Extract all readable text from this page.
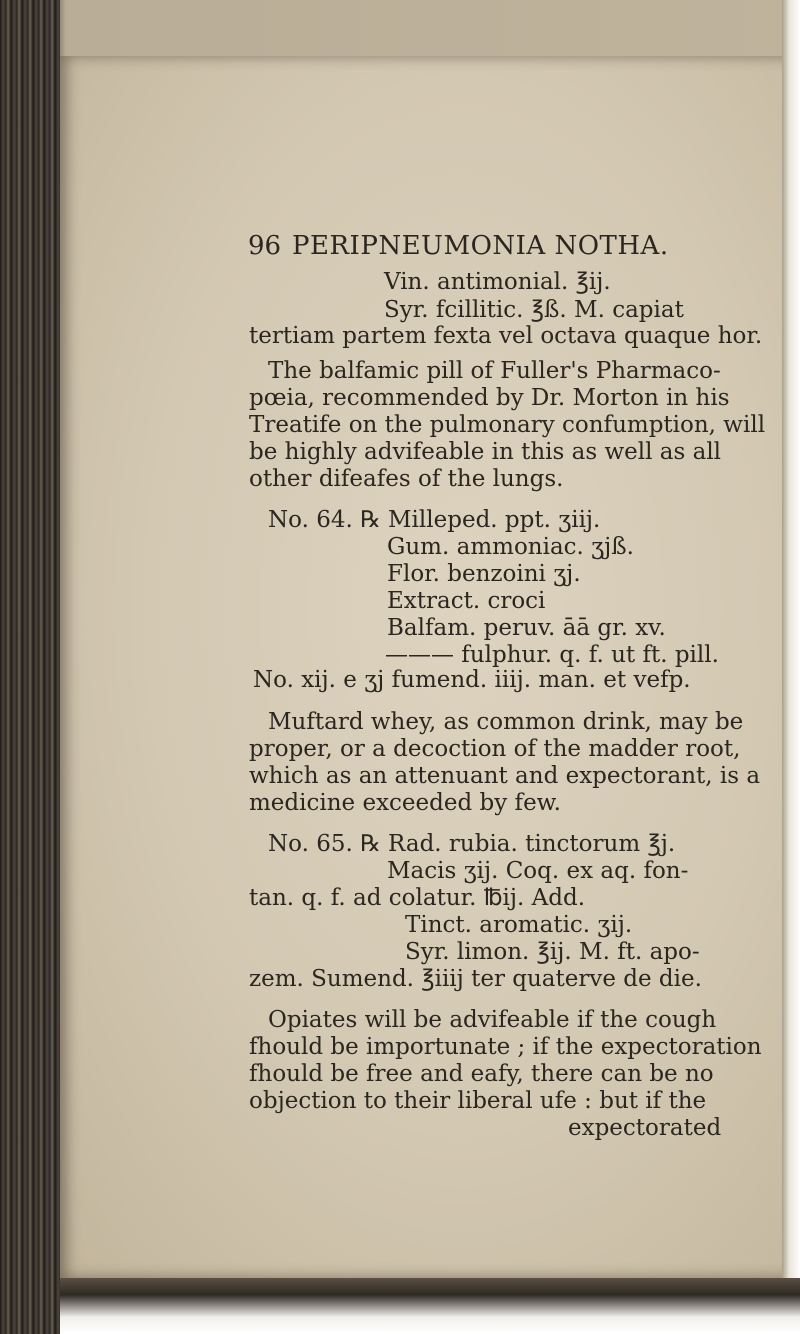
96 PERIPNEUMONIA NOTHA.
Vin. antimonial. ℥ij.
Syr. fcillitic. ℥ß. M. capiat
tertiam partem fexta vel octava quaque hor.
The balfamic pill of Fuller's Pharmaco-
pœia, recommended by Dr. Morton in his
Treatife on the pulmonary confumption, will
be highly advifeable in this as well as all
other difeafes of the lungs.
No. 64. ℞ Milleped. ppt. ʒiij.
Gum. ammoniac. ʒjß.
Flor. benzoini ʒj.
Extract. croci
Balfam. peruv. āā gr. xv.
——— fulphur. q. f. ut ft. pill.
No. xij. e ʒj fumend. iiij. man. et vefp.
Muftard whey, as common drink, may be
proper, or a decoction of the madder root,
which as an attenuant and expectorant, is a
medicine exceeded by few.
No. 65. ℞ Rad. rubia. tinctorum ℥j.
Macis ʒij. Coq. ex aq. fon-
tan. q. f. ad colatur. ℔ij. Add.
Tinct. aromatic. ʒij.
Syr. limon. ℥ij. M. ft. apo-
zem. Sumend. ℥iiij ter quaterve de die.
Opiates will be advifeable if the cough
fhould be importunate ; if the expectoration
fhould be free and eafy, there can be no
objection to their liberal ufe : but if the
expectorated
